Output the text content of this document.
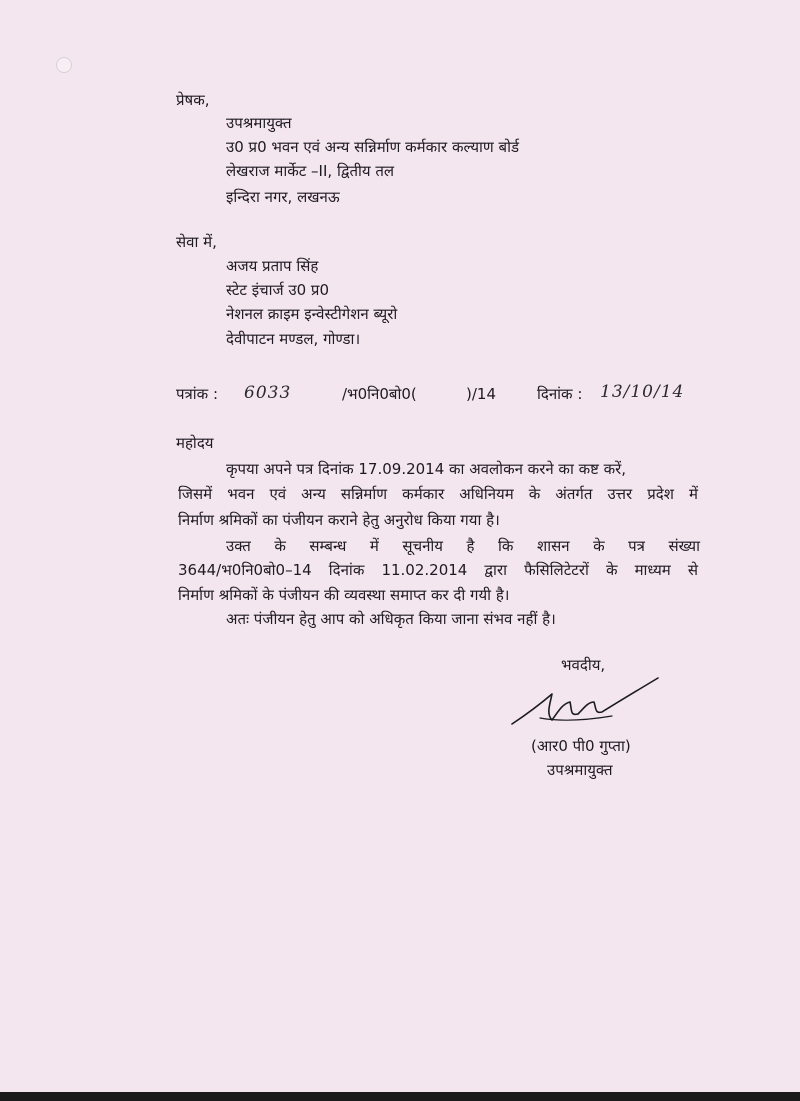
प्रेषक,
उपश्रमायुक्त
उ0 प्र0 भवन एवं अन्य सन्निर्माण कर्मकार कल्याण बोर्ड
लेखराज मार्केट –II, द्वितीय तल
इन्दिरा नगर, लखनऊ
सेवा में,
अजय प्रताप सिंह
स्टेट इंचार्ज उ0 प्र0
नेशनल क्राइम इन्वेस्टीगेशन ब्यूरो
देवीपाटन मण्डल, गोण्डा।
पत्रांक : 6033	/भ0नि0बो0(	)/14	दिनांक : 13/10/14
महोदय
कृपया अपने पत्र दिनांक 17.09.2014 का अवलोकन करने का कष्ट करें,
जिसमें भवन एवं अन्य सन्निर्माण कर्मकार अधिनियम के अंतर्गत उत्तर प्रदेश में
निर्माण श्रमिकों का पंजीयन कराने हेतु अनुरोध किया गया है।
उक्त के सम्बन्ध में सूचनीय है कि शासन के पत्र संख्या
3644/भ0नि0बो0–14 दिनांक 11.02.2014 द्वारा फैसिलिटेटरों के माध्यम से
निर्माण श्रमिकों के पंजीयन की व्यवस्था समाप्त कर दी गयी है।
अतः पंजीयन हेतु आप को अधिकृत किया जाना संभव नहीं है।
भवदीय,
(आर0 पी0 गुप्ता)
उपश्रमायुक्त
